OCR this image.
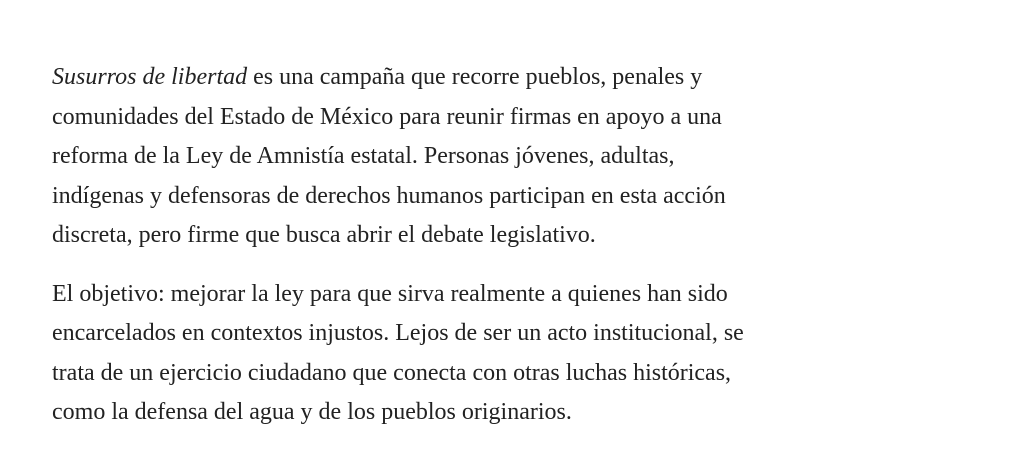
Susurros de libertad es una campaña que recorre pueblos, penales y
comunidades del Estado de México para reunir firmas en apoyo a una
reforma de la Ley de Amnistía estatal. Personas jóvenes, adultas,
indígenas y defensoras de derechos humanos participan en esta acción
discreta, pero firme que busca abrir el debate legislativo.

El objetivo: mejorar la ley para que sirva realmente a quienes han sido
encarcelados en contextos injustos. Lejos de ser un acto institucional, se
trata de un ejercicio ciudadano que conecta con otras luchas históricas,
como la defensa del agua y de los pueblos originarios.
